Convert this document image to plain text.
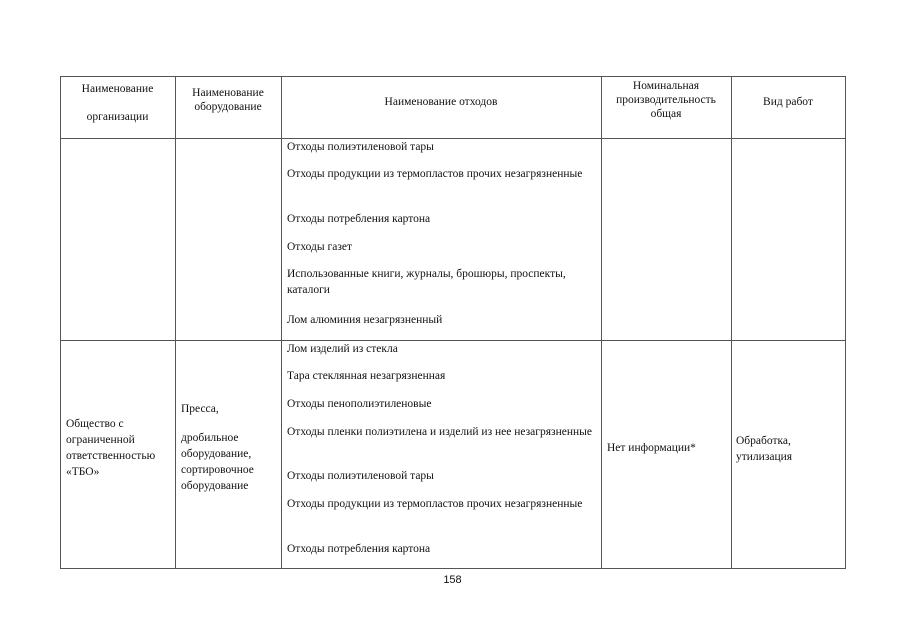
Наименование
организации
Наименование оборудование	Наименование отходов
Номинальная производительность общая
Вид работ
Отходы полиэтиленовой тары
Отходы продукции из термопластов прочих незагрязненные
Отходы потребления картона
Отходы газет
Использованные книги, журналы, брошюры, проспекты, каталоги
Лом алюминия незагрязненный
Общество с ограниченной ответственностью «ТБО»
Пресса,
дробильное оборудование, сортировочное оборудование
Лом изделий из стекла
Тара стеклянная незагрязненная
Отходы пенополиэтиленовые
Отходы пленки полиэтилена и изделий из нее незагрязненные
Отходы полиэтиленовой тары
Отходы продукции из термопластов прочих незагрязненные
Отходы потребления картона
Нет информации*
Обработка, утилизация
158
